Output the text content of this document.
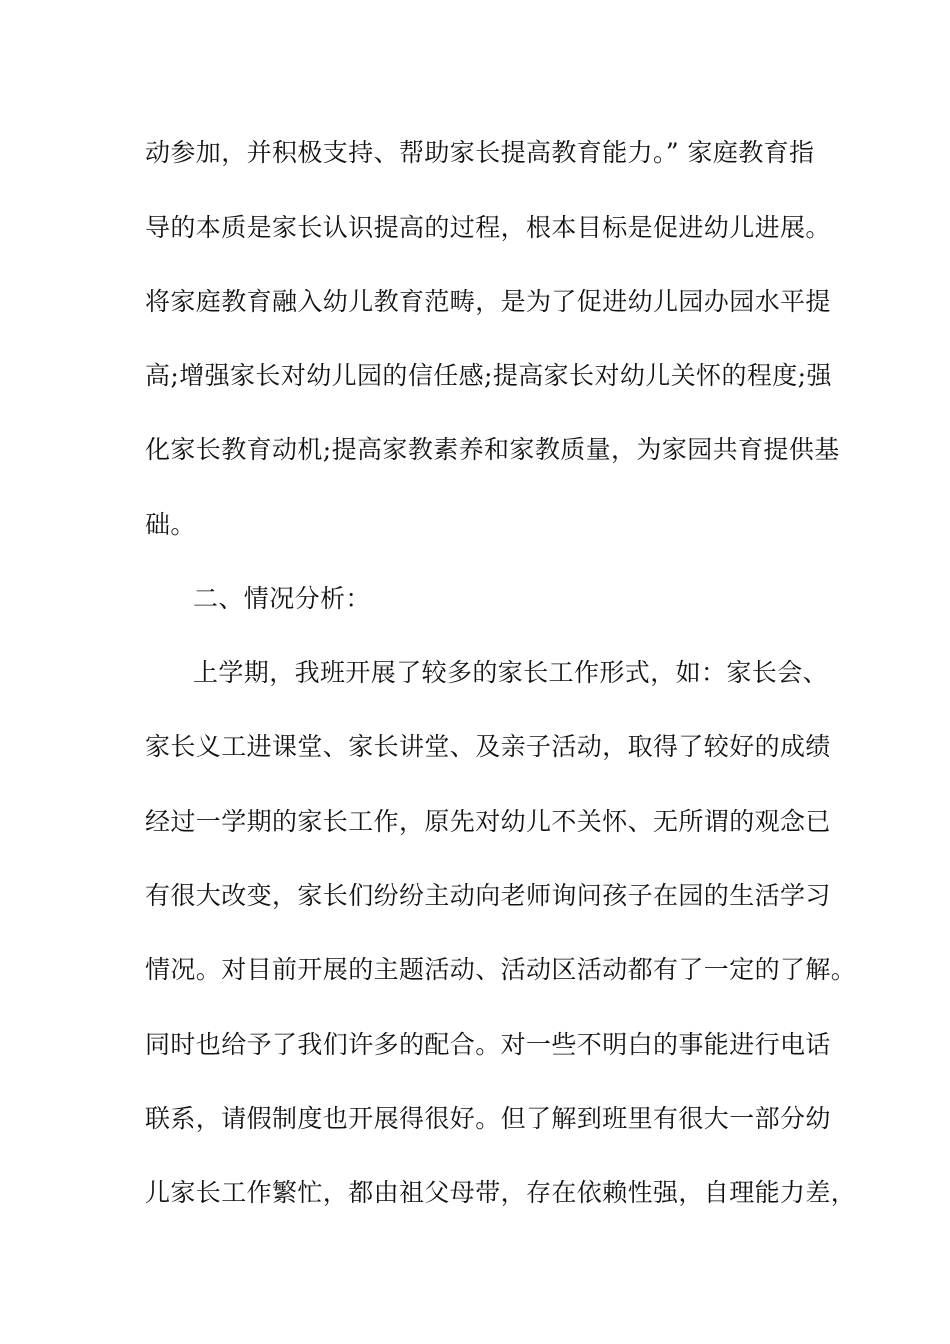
动参加，并积极支持、帮助家长提高教育能力。” 家庭教育指
导的本质是家长认识提高的过程，根本目标是促进幼儿进展。
将家庭教育融入幼儿教育范畴，是为了促进幼儿园办园水平提
高;增强家长对幼儿园的信任感;提高家长对幼儿关怀的程度;强
化家长教育动机;提高家教素养和家教质量，为家园共育提供基
础。
二、情况分析：
上学期，我班开展了较多的家长工作形式，如：家长会、
家长义工进课堂、家长讲堂、及亲子活动，取得了较好的成绩
经过一学期的家长工作，原先对幼儿不关怀、无所谓的观念已
有很大改变，家长们纷纷主动向老师询问孩子在园的生活学习
情况。对目前开展的主题活动、活动区活动都有了一定的了解。
同时也给予了我们许多的配合。对一些不明白的事能进行电话
联系，请假制度也开展得很好。但了解到班里有很大一部分幼
儿家长工作繁忙，都由祖父母带，存在依赖性强，自理能力差，
